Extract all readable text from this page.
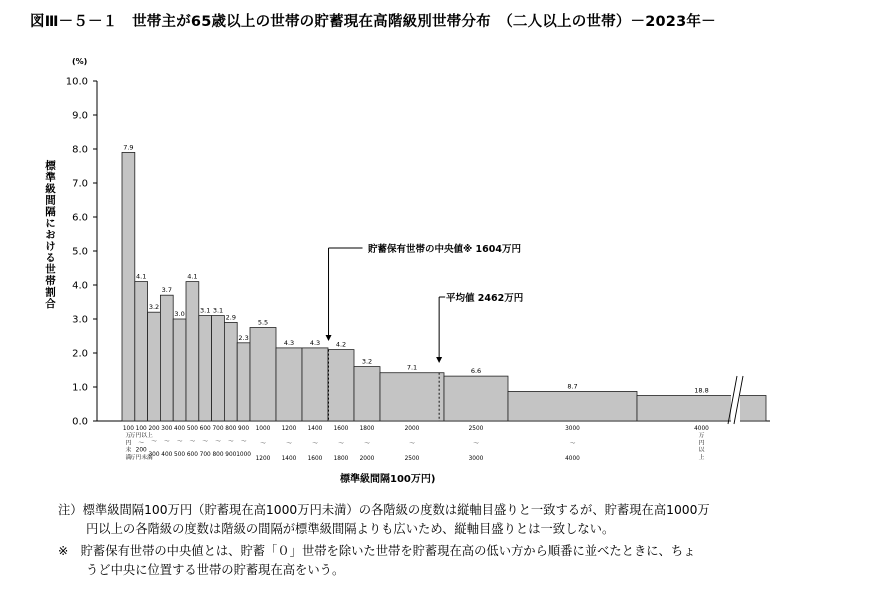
図Ⅲ－５－１　世帯主が65歳以上の世帯の貯蓄現在高階級別世帯分布　（二人以上の世帯）－2023年－
0.0
1.0
2.0
3.0
4.0
5.0
6.0
7.0
8.0
9.0
10.0
7.9
100
万
円
未
満
4.1
100
万円以上
～
200
万円未満
3.2
200
～
300
3.7
300
～
400
3.0
400
～
500
4.1
500
～
600
3.1
600
～
700
3.1
700
～
800
2.9
800
～
900
2.3
900
～
1000
5.5
1000
～
1200
4.3
1200
～
1400
4.3
1400
～
1600
4.2
1600
～
1800
3.2
1800
～
2000
7.1
2000
～
2500
6.6
2500
～
3000
8.7
3000
～
4000
18.8
4000
万
円
以
上
(%)
標準級間隔における世帯割合
標準級間隔100万円)
貯蓄保有世帯の中央値※ 1604万円
平均値 2462万円
注）標準級間隔100万円（貯蓄現在高1000万円未満）の各階級の度数は縦軸目盛りと一致するが、貯蓄現在高1000万
円以上の各階級の度数は階級の間隔が標準級間隔よりも広いため、縦軸目盛りとは一致しない。
※　貯蓄保有世帯の中央値とは、貯蓄「０」世帯を除いた世帯を貯蓄現在高の低い方から順番に並べたときに、ちょ
うど中央に位置する世帯の貯蓄現在高をいう。
